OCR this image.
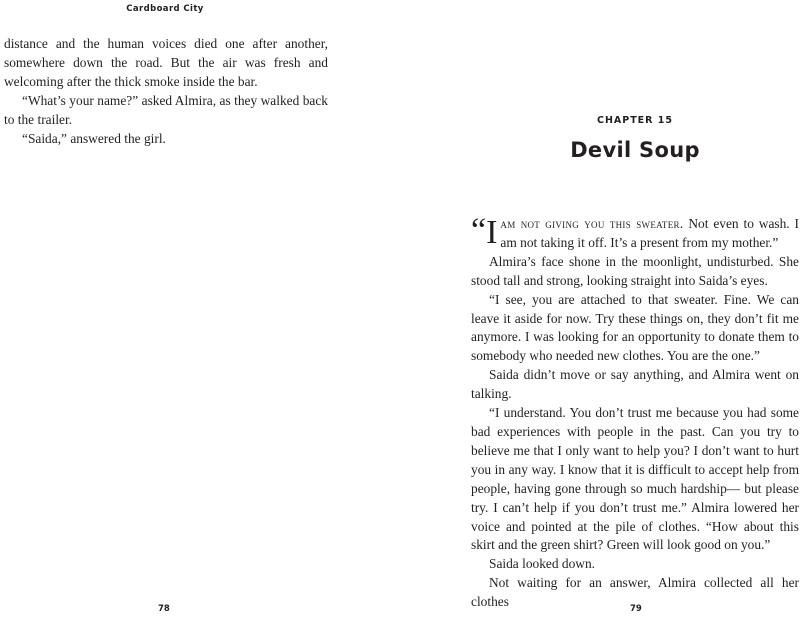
Cardboard City

distance and the human voices died one after another, somewhere down the road. But the air was fresh and welcoming after the thick smoke inside the bar.

“What’s your name?” asked Almira, as they walked back to the trailer.

“Saida,” answered the girl.

78
CHAPTER 15
Devil Soup

“ I am not giving you this sweater. Not even to wash. I am not taking it off. It’s a present from my mother.”

Almira’s face shone in the moonlight, undisturbed. She stood tall and strong, looking straight into Saida’s eyes.

“I see, you are attached to that sweater. Fine. We can leave it aside for now. Try these things on, they don’t fit me anymore. I was looking for an opportunity to donate them to somebody who needed new clothes. You are the one.”

Saida didn’t move or say anything, and Almira went on talking.

“I understand. You don’t trust me because you had some bad experiences with people in the past. Can you try to believe me that I only want to help you? I don’t want to hurt you in any way. I know that it is difficult to accept help from people, having gone through so much hardship— but please try. I can’t help if you don’t trust me.” Almira lowered her voice and pointed at the pile of clothes. “How about this skirt and the green shirt? Green will look good on you.”

Saida looked down.

Not waiting for an answer, Almira collected all her clothes	79
